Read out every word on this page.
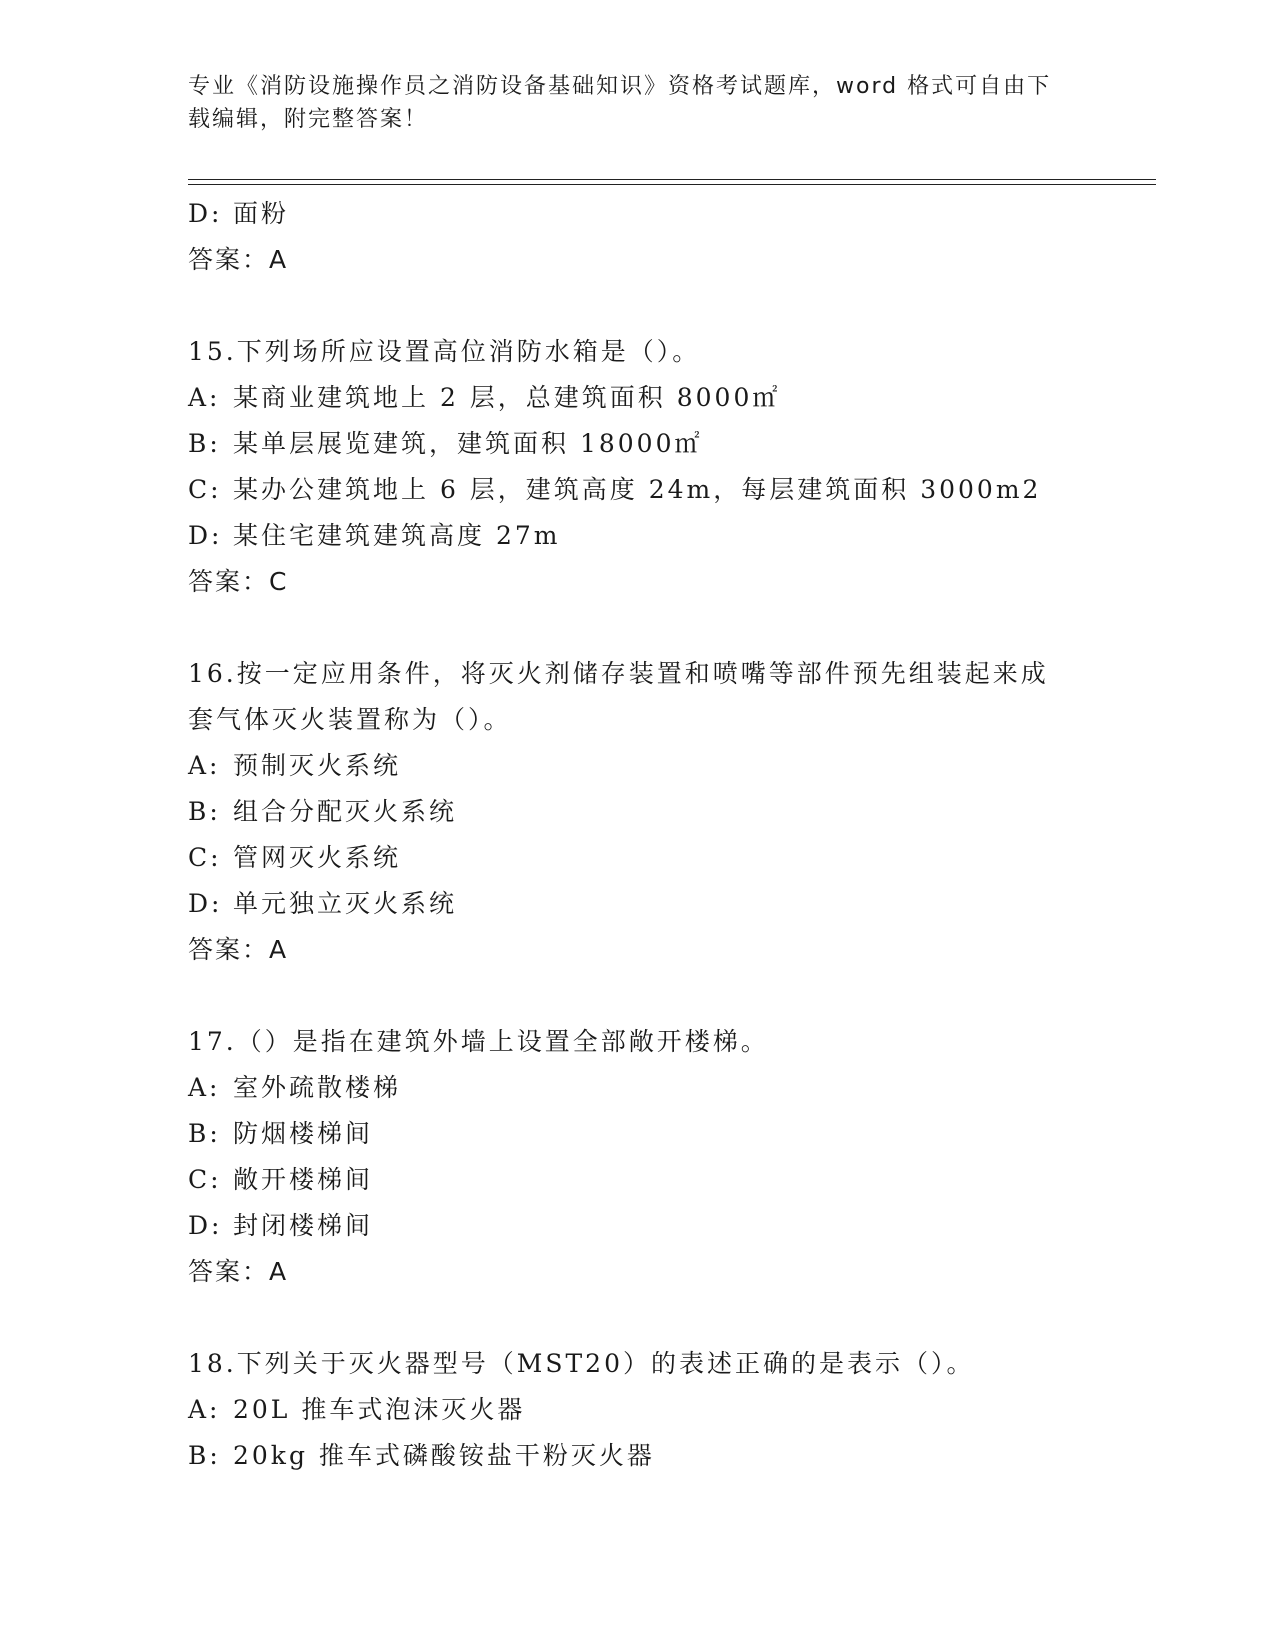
专业《消防设施操作员之消防设备基础知识》资格考试题库，word 格式可自由下载编辑，附完整答案！
D: 面粉
答案：A
15.下列场所应设置高位消防水箱是（）。
A: 某商业建筑地上 2 层，总建筑面积 8000㎡
B: 某单层展览建筑，建筑面积 18000㎡
C: 某办公建筑地上 6 层，建筑高度 24m，每层建筑面积 3000m2
D: 某住宅建筑建筑高度 27m
答案：C
16.按一定应用条件，将灭火剂储存装置和喷嘴等部件预先组装起来成套气体灭火装置称为（）。
A: 预制灭火系统
B: 组合分配灭火系统
C: 管网灭火系统
D: 单元独立灭火系统
答案：A
17.（）是指在建筑外墙上设置全部敞开楼梯。
A: 室外疏散楼梯
B: 防烟楼梯间
C: 敞开楼梯间
D: 封闭楼梯间
答案：A
18.下列关于灭火器型号（MST20）的表述正确的是表示（）。
A: 20L 推车式泡沫灭火器
B: 20kg 推车式磷酸铵盐干粉灭火器
